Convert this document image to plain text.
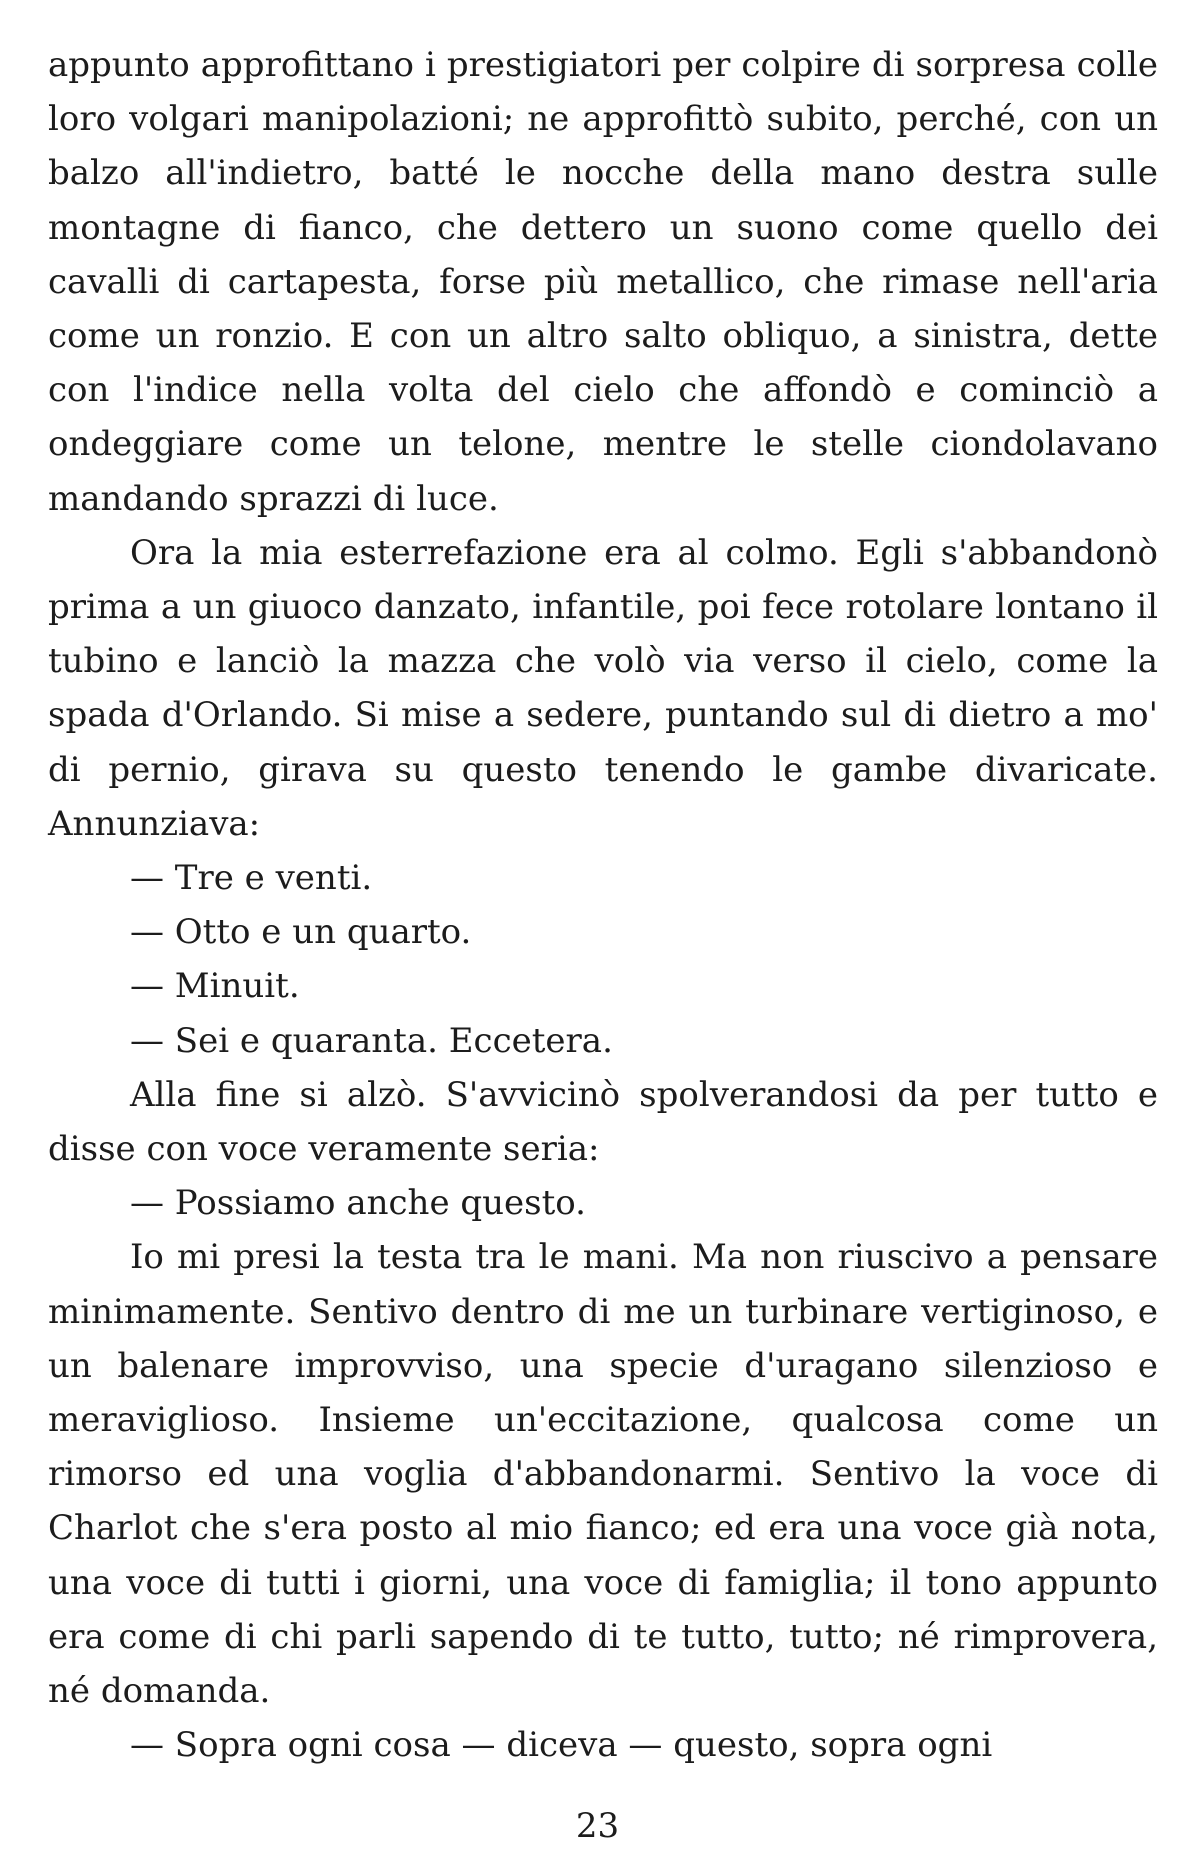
appunto approfittano i prestigiatori per colpire di sorpresa colle loro volgari manipolazioni; ne approfittò subito, perché, con un balzo all'indietro, batté le nocche della mano destra sulle montagne di fianco, che dettero un suono come quello dei cavalli di cartapesta, forse più metallico, che rimase nell'aria come un ronzio. E con un altro salto obliquo, a sinistra, dette con l'indice nella volta del cielo che affondò e cominciò a ondeggiare come un telone, mentre le stelle ciondolavano mandando sprazzi di luce.

Ora la mia esterrefazione era al colmo. Egli s'abbandonò prima a un giuoco danzato, infantile, poi fece rotolare lontano il tubino e lanciò la mazza che volò via verso il cielo, come la spada d'Orlando. Si mise a sedere, puntando sul di dietro a mo' di pernio, girava su questo tenendo le gambe divaricate. Annunziava:

— Tre e venti.

— Otto e un quarto.

— Minuit.

— Sei e quaranta. Eccetera.

Alla fine si alzò. S'avvicinò spolverandosi da per tutto e disse con voce veramente seria:

— Possiamo anche questo.

Io mi presi la testa tra le mani. Ma non riuscivo a pensare minimamente. Sentivo dentro di me un turbinare vertiginoso, e un balenare improvviso, una specie d'uragano silenzioso e meraviglioso. Insieme un'eccitazione, qualcosa come un rimorso ed una voglia d'abbandonarmi. Sentivo la voce di Charlot che s'era posto al mio fianco; ed era una voce già nota, una voce di tutti i giorni, una voce di famiglia; il tono appunto era come di chi parli sapendo di te tutto, tutto; né rimprovera, né domanda.

— Sopra ogni cosa — diceva — questo, sopra ogni

23
